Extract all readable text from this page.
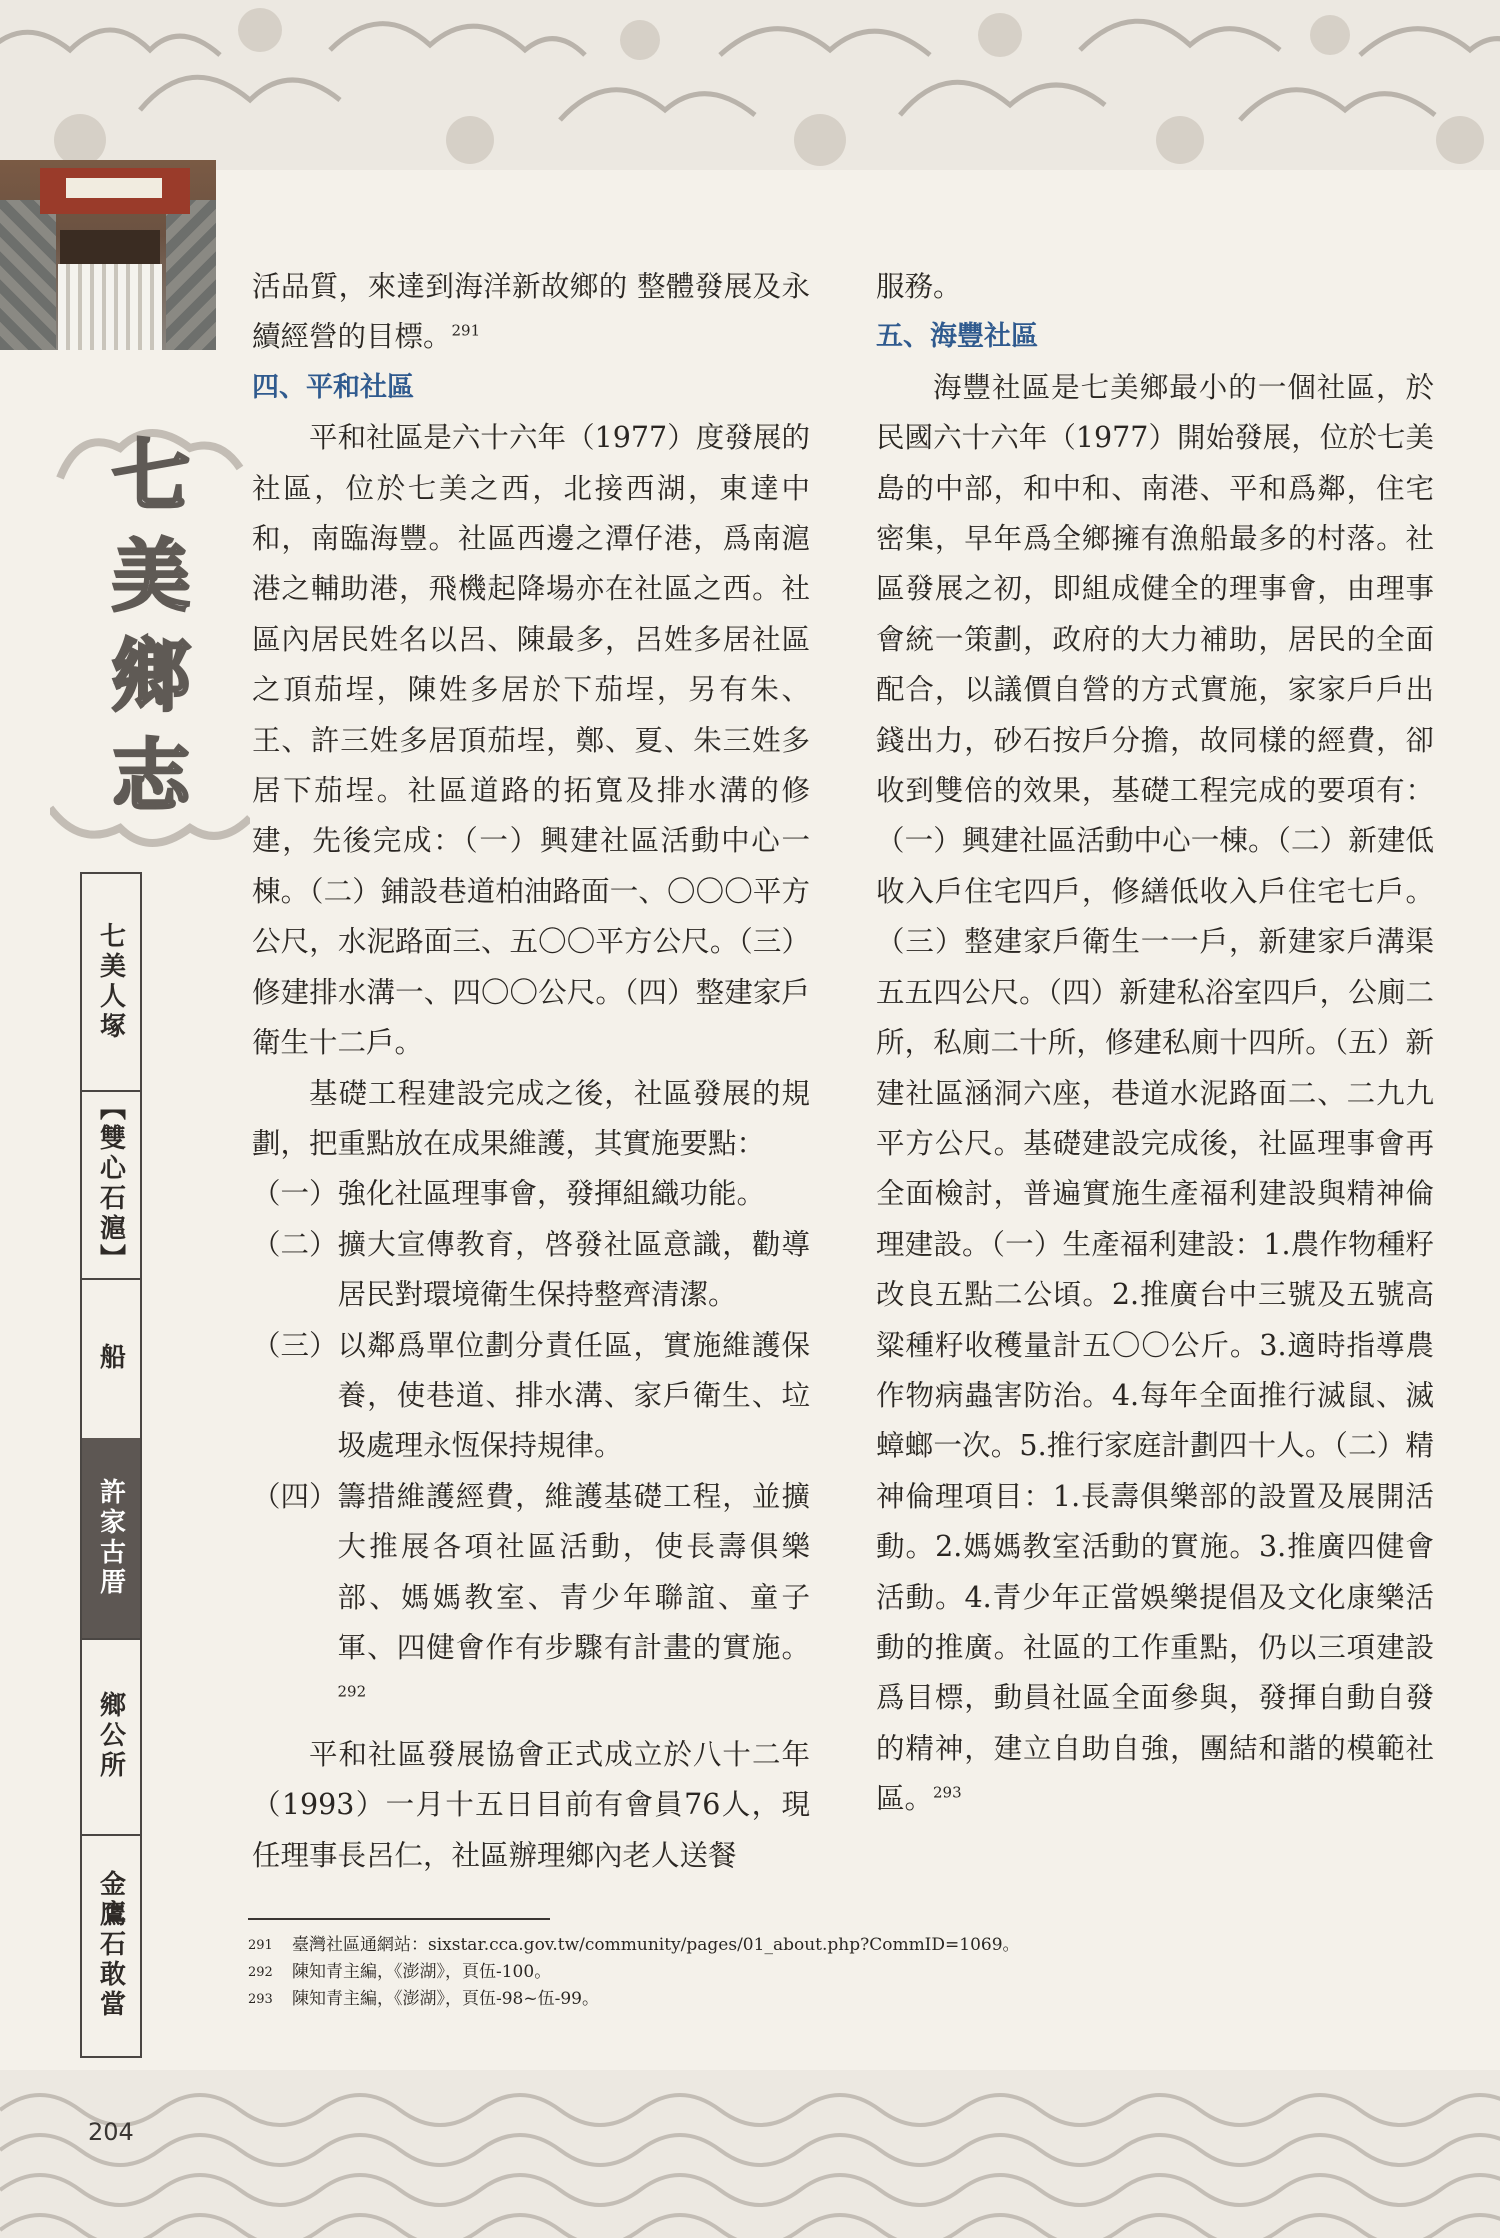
七
美
鄉
志
七美人塚
【雙心石滬】
船
許家古厝
鄉公所
金鷹石敢當

活品質，來達到海洋新故鄉的 整體發展及永續經營的目標。$^{291}$

四、平和社區

平和社區是六十六年（1977）度發展的社區，位於七美之西，北接西湖，東達中和，南臨海豐。社區西邊之潭仔港，爲南滬港之輔助港，飛機起降場亦在社區之西。社區內居民姓名以呂、陳最多，呂姓多居社區之頂茄埕，陳姓多居於下茄埕，另有朱、王、許三姓多居頂茄埕，鄭、夏、朱三姓多居下茄埕。社區道路的拓寬及排水溝的修建，先後完成：（一）興建社區活動中心一棟。（二）鋪設巷道柏油路面一、〇〇〇平方公尺，水泥路面三、五〇〇平方公尺。（三）修建排水溝一、四〇〇公尺。（四）整建家戶衛生十二戶。

基礎工程建設完成之後，社區發展的規劃，把重點放在成果維護，其實施要點：

（一） 強化社區理事會，發揮組織功能。
（二） 擴大宣傳教育，啓發社區意識，勸導居民對環境衛生保持整齊清潔。
（三） 以鄰爲單位劃分責任區，實施維護保養，使巷道、排水溝、家戶衛生、垃圾處理永恆保持規律。
（四） 籌措維護經費，維護基礎工程，並擴大推展各項社區活動，使長壽俱樂部、媽媽教室、青少年聯誼、童子軍、四健會作有步驟有計畫的實施。$^{292}$

平和社區發展協會正式成立於八十二年（1993）一月十五日目前有會員76人，現任理事長呂仁，社區辦理鄉內老人送餐

服務。

五、海豐社區

海豐社區是七美鄉最小的一個社區，於民國六十六年（1977）開始發展，位於七美島的中部，和中和、南港、平和爲鄰，住宅密集，早年爲全鄉擁有漁船最多的村落。社區發展之初，即組成健全的理事會，由理事會統一策劃，政府的大力補助，居民的全面配合，以議價自營的方式實施，家家戶戶出錢出力，砂石按戶分擔，故同樣的經費，卻收到雙倍的效果，基礎工程完成的要項有：（一）興建社區活動中心一棟。（二）新建低收入戶住宅四戶，修繕低收入戶住宅七戶。（三）整建家戶衛生一一戶，新建家戶溝渠五五四公尺。（四）新建私浴室四戶，公廁二所，私廁二十所，修建私廁十四所。（五）新建社區涵洞六座，巷道水泥路面二、二九九平方公尺。基礎建設完成後，社區理事會再全面檢討，普遍實施生產福利建設與精神倫理建設。（一）生產福利建設：1.農作物種籽改良五點二公頃。2.推廣台中三號及五號高粱種籽收穫量計五〇〇公斤。3.適時指導農作物病蟲害防治。4.每年全面推行滅鼠、滅蟑螂一次。5.推行家庭計劃四十人。（二）精神倫理項目：1.長壽俱樂部的設置及展開活動。2.媽媽教室活動的實施。3.推廣四健會活動。4.青少年正當娛樂提倡及文化康樂活動的推廣。社區的工作重點，仍以三項建設爲目標，動員社區全面參與，發揮自動自發的精神，建立自助自強，團結和諧的模範社區。$^{293}$

291	臺灣社區通網站：sixstar.cca.gov.tw/community/pages/01_about.php?CommID=1069。
292	陳知青主編，《澎湖》，頁伍-100。
293	陳知青主編，《澎湖》，頁伍-98~伍-99。
204
